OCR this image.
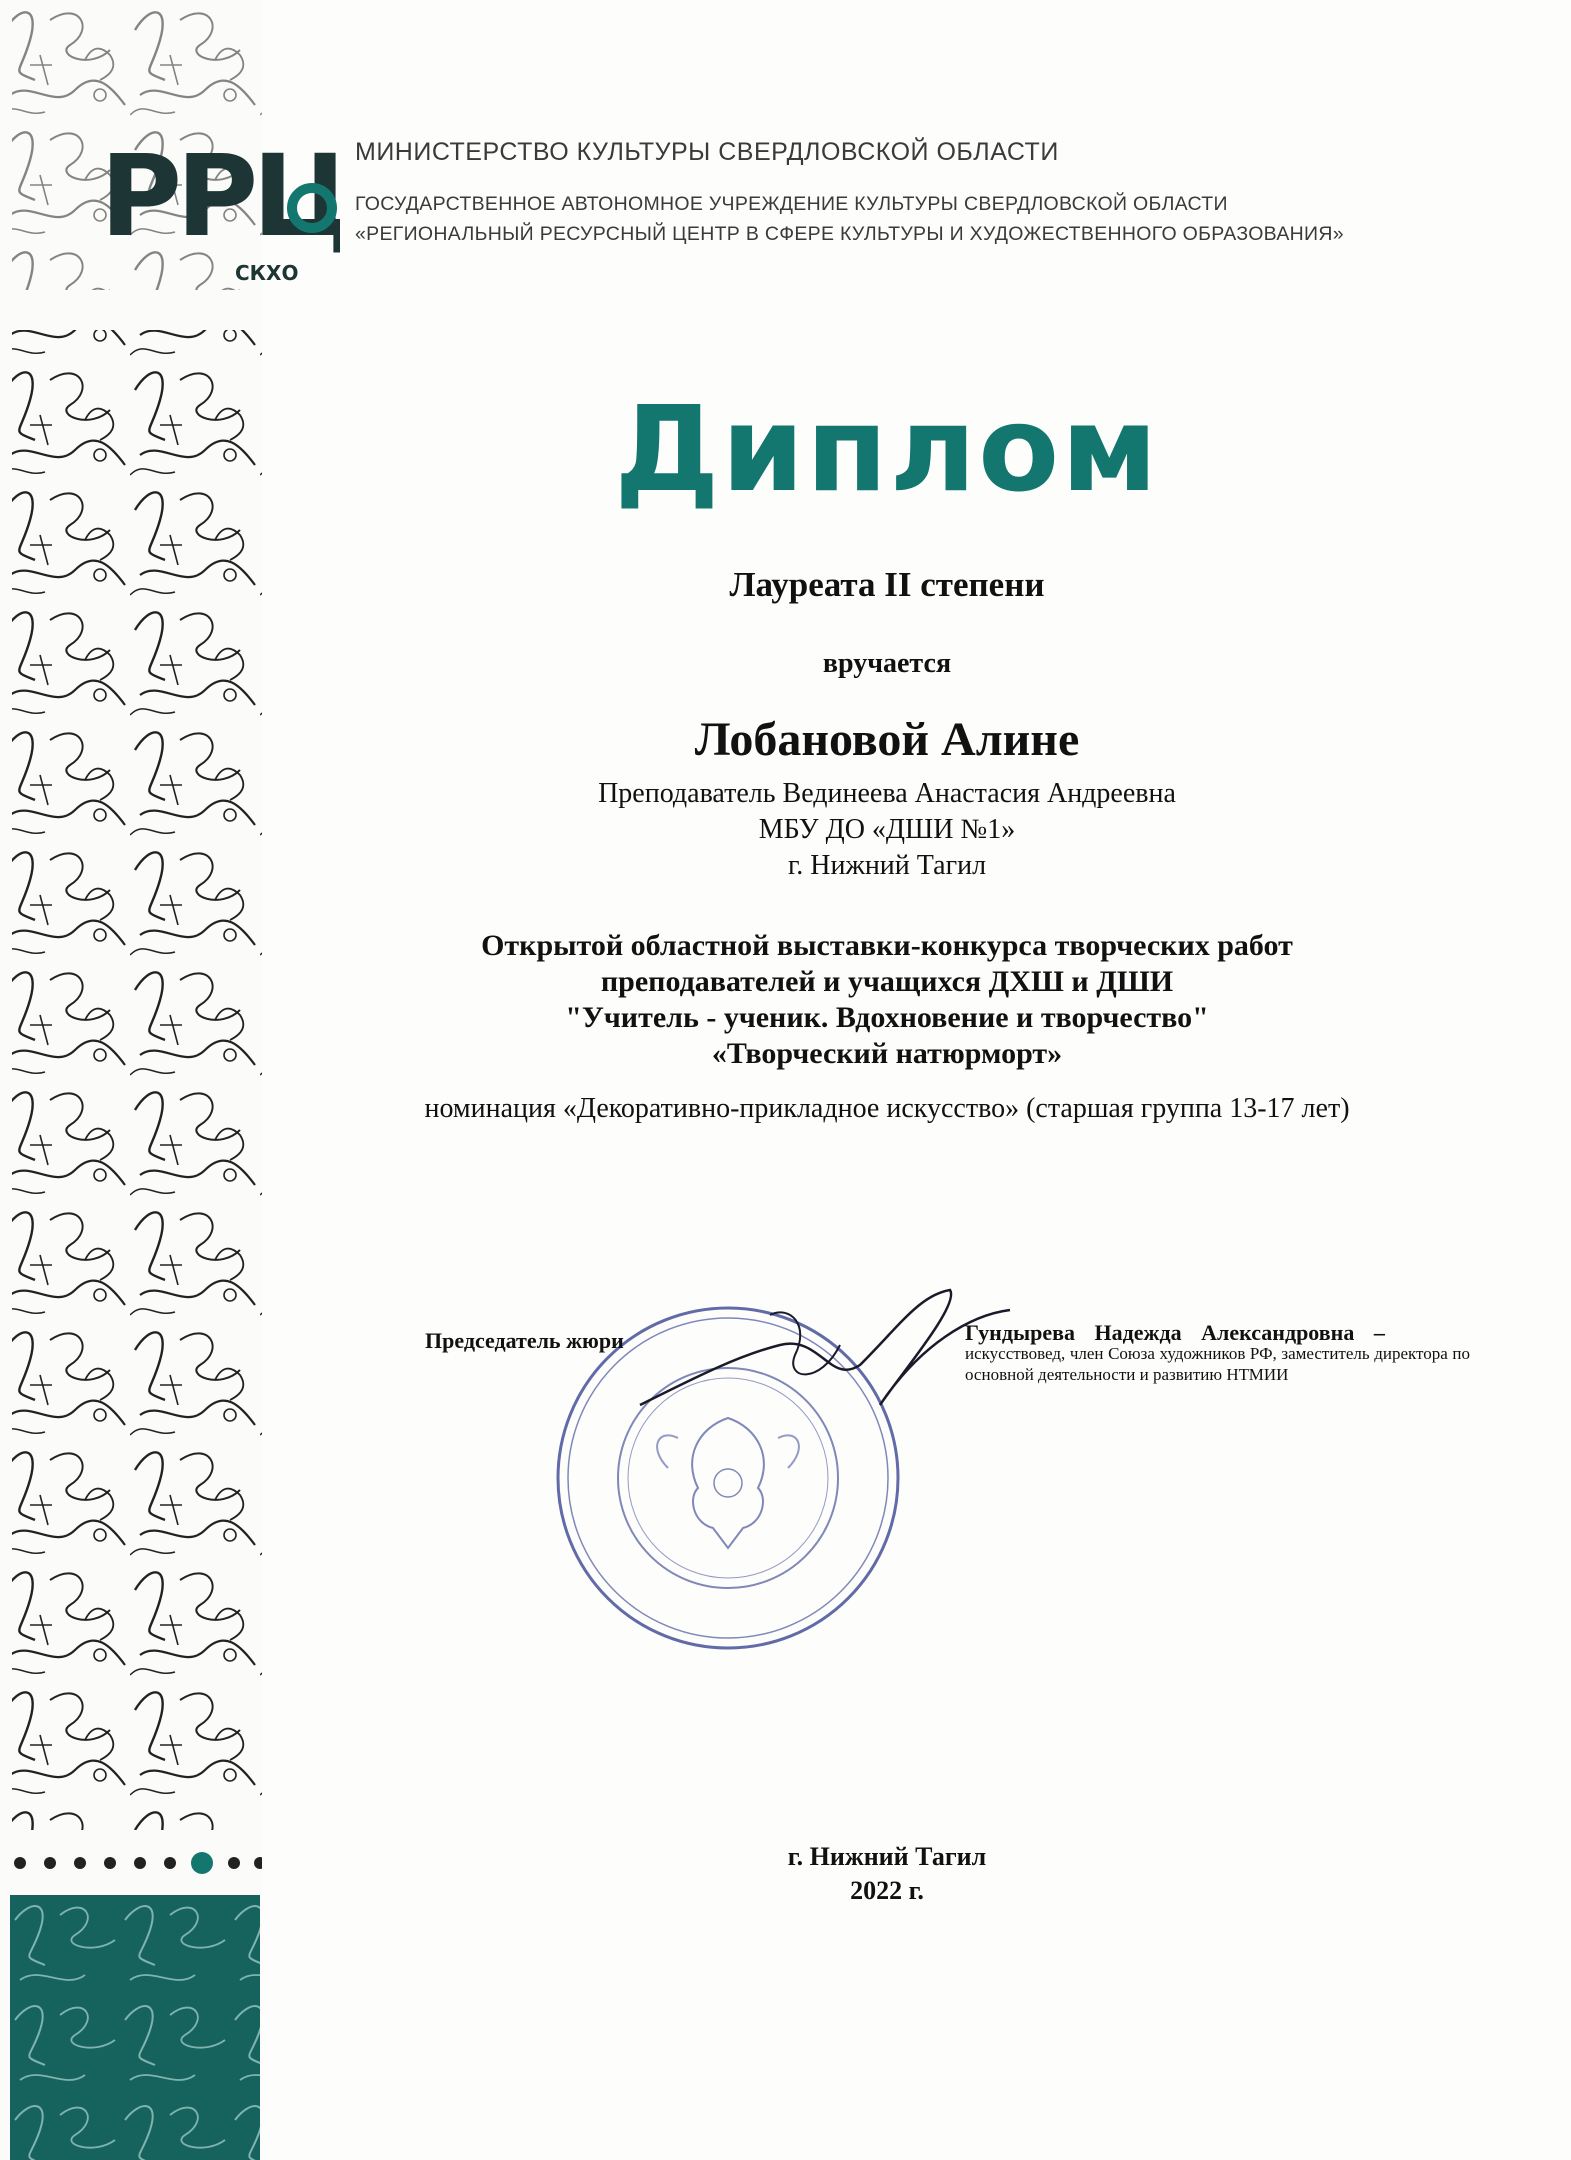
РРЦ
СКХО
МИНИСТЕРСТВО КУЛЬТУРЫ СВЕРДЛОВСКОЙ ОБЛАСТИ
ГОСУДАРСТВЕННОЕ АВТОНОМНОЕ УЧРЕЖДЕНИЕ КУЛЬТУРЫ СВЕРДЛОВСКОЙ ОБЛАСТИ
«РЕГИОНАЛЬНЫЙ РЕСУРСНЫЙ ЦЕНТР В СФЕРЕ КУЛЬТУРЫ И ХУДОЖЕСТВЕННОГО ОБРАЗОВАНИЯ»
Диплом
Лауреата II степени
вручается
Лобановой Алине
Преподаватель Вединеева Анастасия Андреевна
МБУ ДО «ДШИ №1»
г. Нижний Тагил
Открытой областной выставки-конкурса творческих работ
преподавателей и учащихся ДХШ и ДШИ
"Учитель - ученик. Вдохновение и творчество"
«Творческий натюрморт»
номинация «Декоративно-прикладное искусство» (старшая группа 13-17 лет)
Председатель жюри	Гундырева Надежда Александровна –
искусствовед, член Союза художников РФ, заместитель директора по основной деятельности и развитию НТМИИ
г. Нижний Тагил
2022 г.
